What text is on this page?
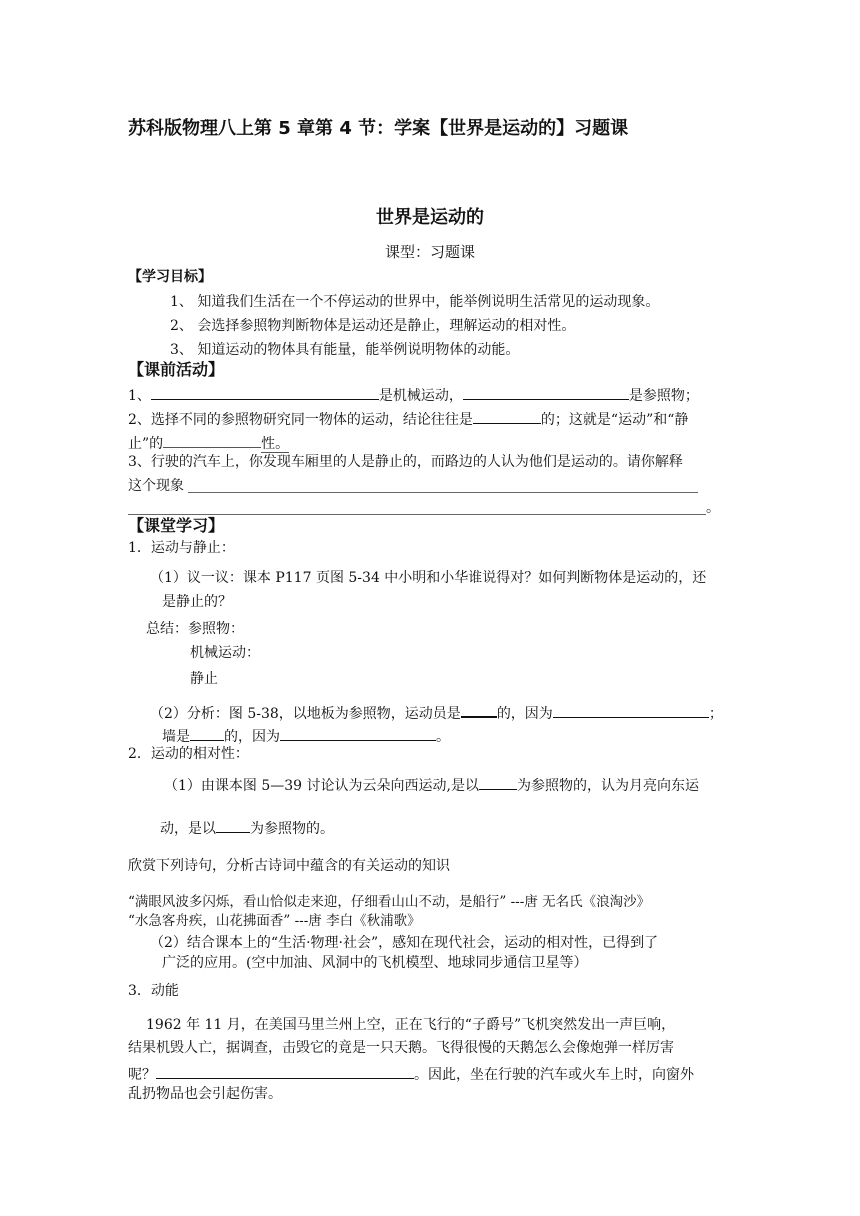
苏科版物理八上第 5 章第 4 节：学案【世界是运动的】习题课
世界是运动的
课型：习题课
【学习目标】
1、 知道我们生活在一个不停运动的世界中，能举例说明生活常见的运动现象。
2、 会选择参照物判断物体是运动还是静止，理解运动的相对性。
3、 知道运动的物体具有能量，能举例说明物体的动能。
【课前活动】
1、	是机械运动，	是参照物；
2、选择不同的参照物研究同一物体的运动，结论往往是	的；这就是“运动”和“静
止”的	性。
3、行驶的汽车上，你发现车厢里的人是静止的，而路边的人认为他们是运动的。请你解释
这个现象
。
【课堂学习】
1．运动与静止：
（1）议一议：课本 P117 页图 5-34 中小明和小华谁说得对？如何判断物体是运动的，还
是静止的？
总结：参照物：
机械运动：
静止
（2）分析：图 5-38，以地板为参照物，运动员是	的，因为	；
墙是 的，因为	。
2．运动的相对性：
（1）由课本图 5—39 讨论认为云朵向西运动,是以	为参照物的，认为月亮向东运
动，是以 为参照物的。
欣赏下列诗句，分析古诗词中蕴含的有关运动的知识
“满眼风波多闪烁，看山恰似走来迎，仔细看山山不动，是船行” ---唐 无名氏《浪淘沙》
“水急客舟疾，山花拂面香” ---唐 李白《秋浦歌》
（2）结合课本上的“生活·物理·社会”，感知在现代社会，运动的相对性，已得到了
广泛的应用。(空中加油、风洞中的飞机模型、地球同步通信卫星等）
3．动能
1962 年 11 月，在美国马里兰州上空，正在飞行的“子爵号”飞机突然发出一声巨响，
结果机毁人亡，据调查，击毁它的竟是一只天鹅。飞得很慢的天鹅怎么会像炮弹一样厉害
呢？	。因此，坐在行驶的汽车或火车上时，向窗外
乱扔物品也会引起伤害。
